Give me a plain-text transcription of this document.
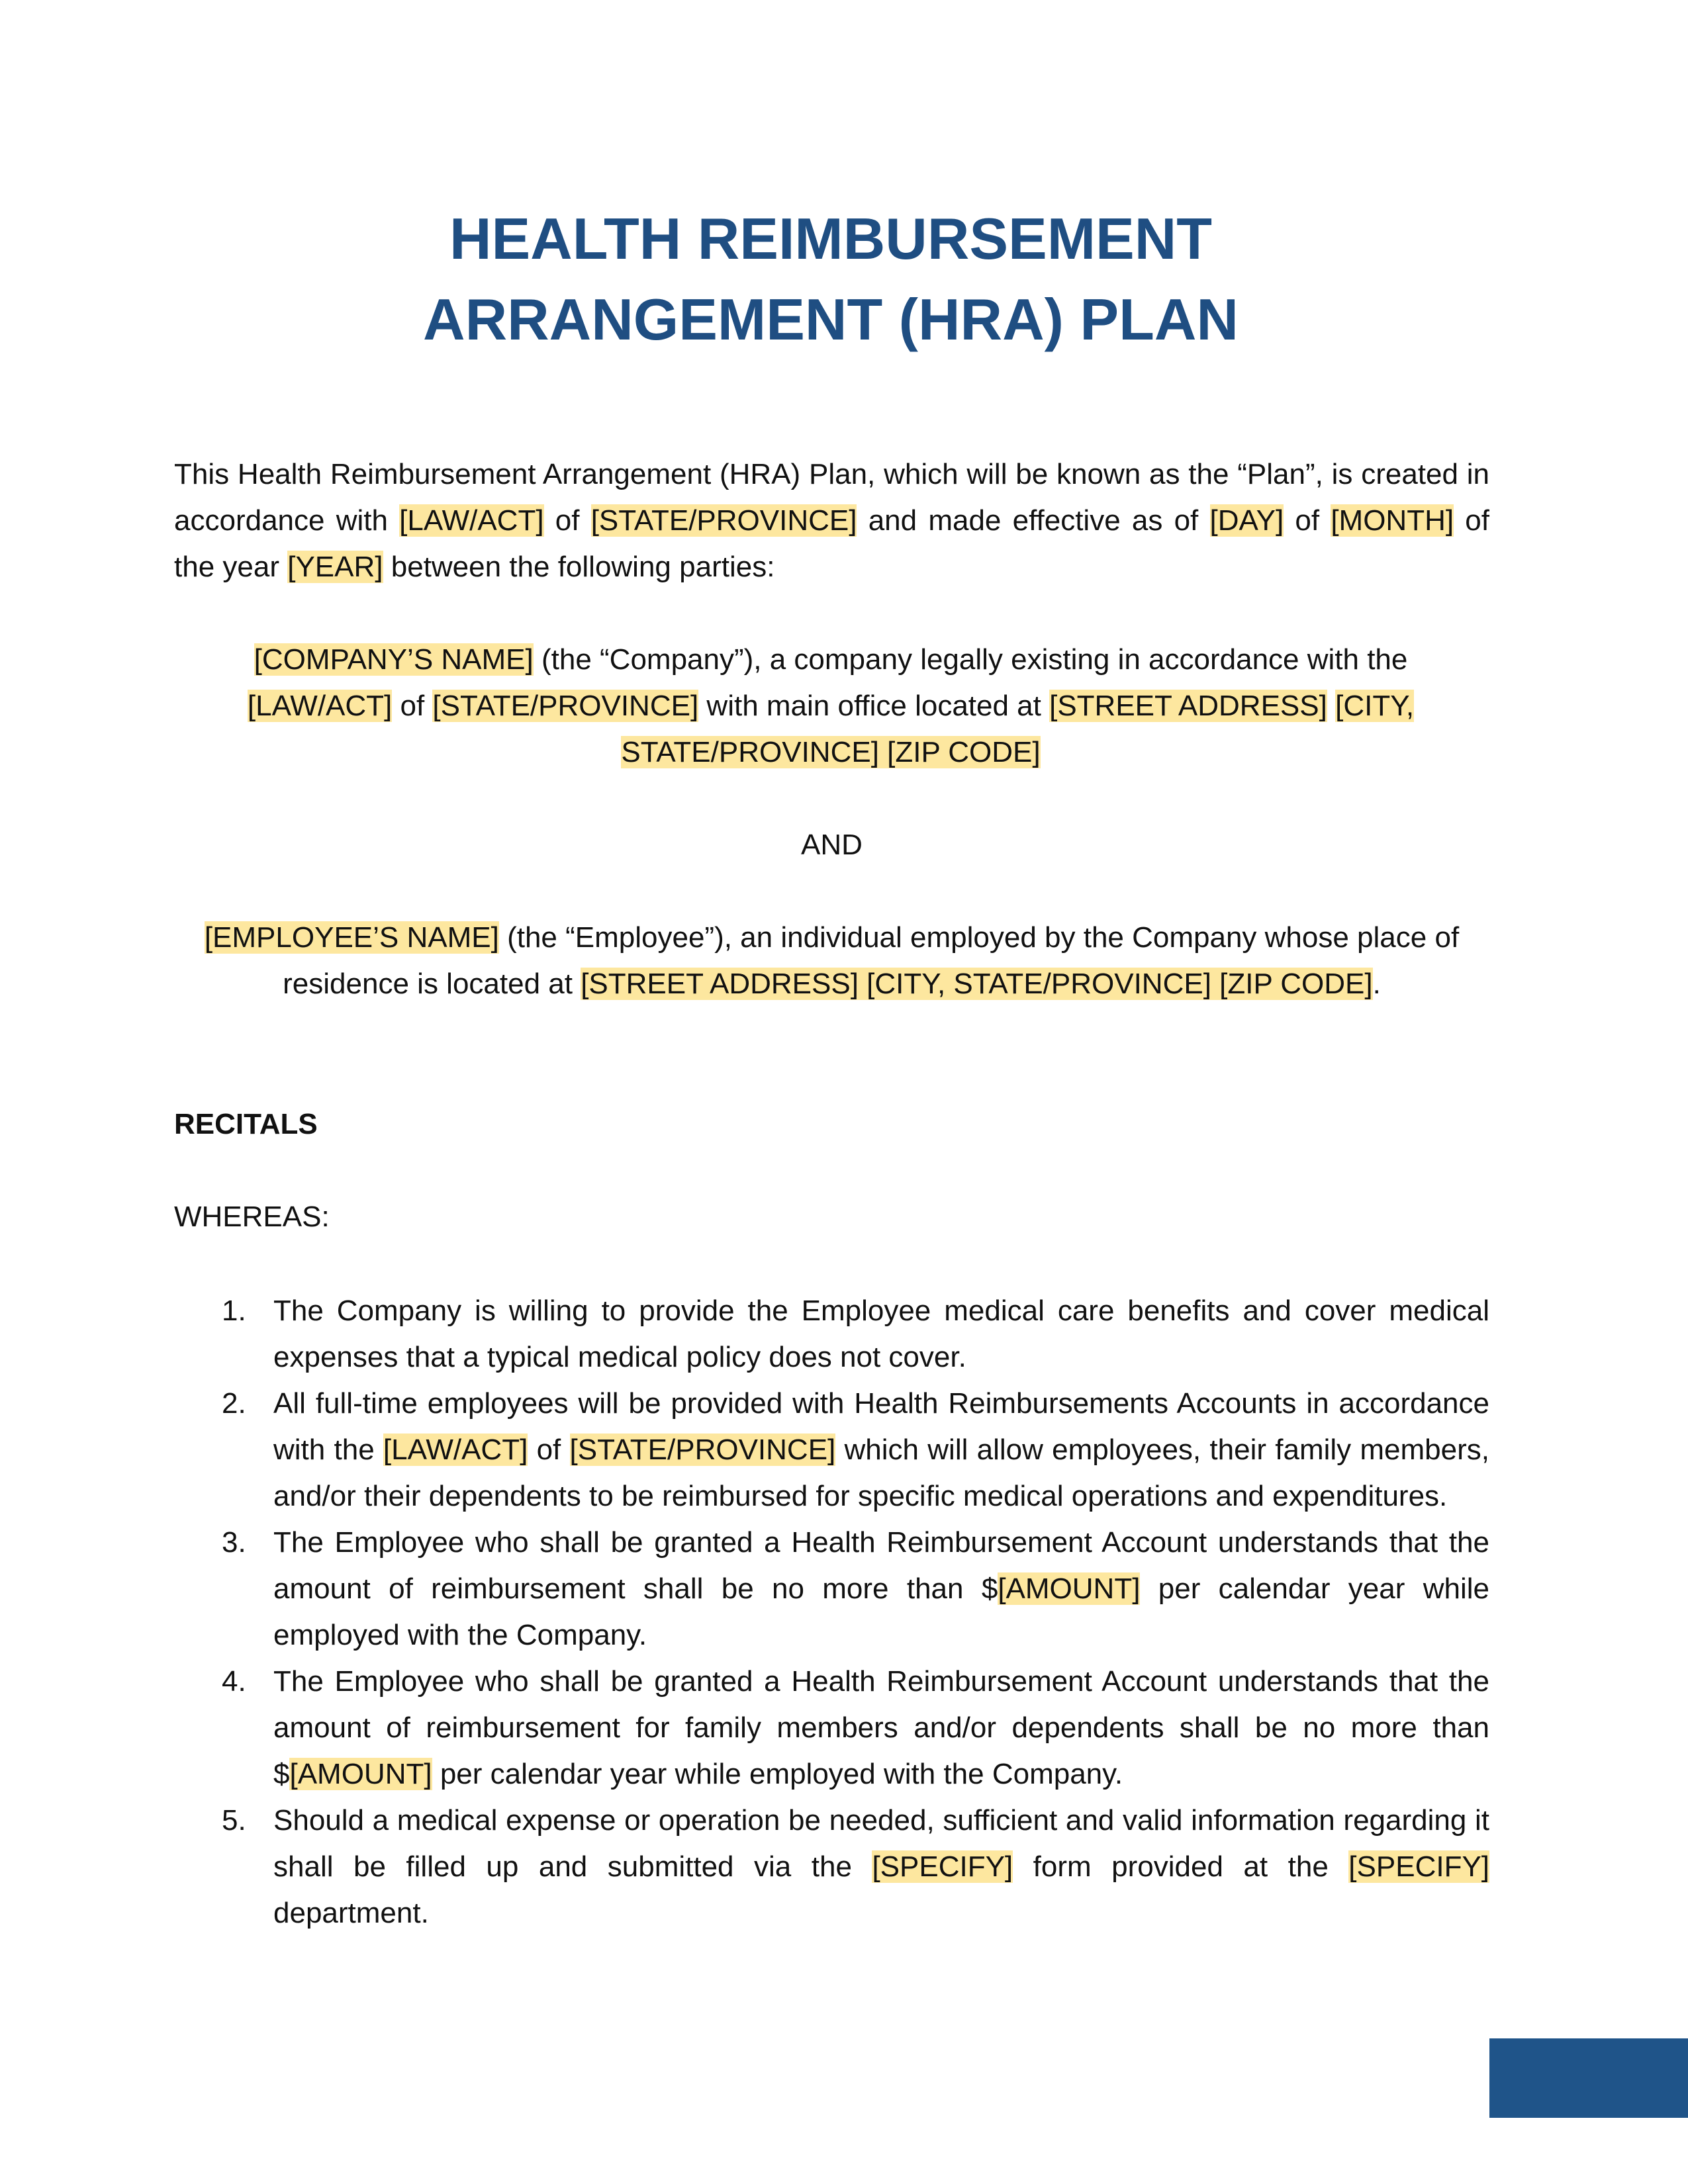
HEALTH REIMBURSEMENT
ARRANGEMENT (HRA) PLAN
This Health Reimbursement Arrangement (HRA) Plan, which will be known as the “Plan”, is created in accordance with [LAW/ACT] of [STATE/PROVINCE] and made effective as of [DAY] of [MONTH] of the year [YEAR] between the following parties:
[COMPANY’S NAME] (the “Company”), a company legally existing in accordance with the [LAW/ACT] of [STATE/PROVINCE] with main office located at [STREET ADDRESS] [CITY, STATE/PROVINCE] [ZIP CODE]
AND
[EMPLOYEE’S NAME] (the “Employee”), an individual employed by the Company whose place of residence is located at [STREET ADDRESS] [CITY, STATE/PROVINCE] [ZIP CODE].
RECITALS
WHEREAS:
1. The Company is willing to provide the Employee medical care benefits and cover medical expenses that a typical medical policy does not cover.
2. All full-time employees will be provided with Health Reimbursements Accounts in accordance with the [LAW/ACT] of [STATE/PROVINCE] which will allow employees, their family members, and/or their dependents to be reimbursed for specific medical operations and expenditures.
3. The Employee who shall be granted a Health Reimbursement Account understands that the amount of reimbursement shall be no more than $[AMOUNT] per calendar year while employed with the Company.
4. The Employee who shall be granted a Health Reimbursement Account understands that the amount of reimbursement for family members and/or dependents shall be no more than $[AMOUNT] per calendar year while employed with the Company.
5. Should a medical expense or operation be needed, sufficient and valid information regarding it shall be filled up and submitted via the [SPECIFY] form provided at the [SPECIFY] department.
